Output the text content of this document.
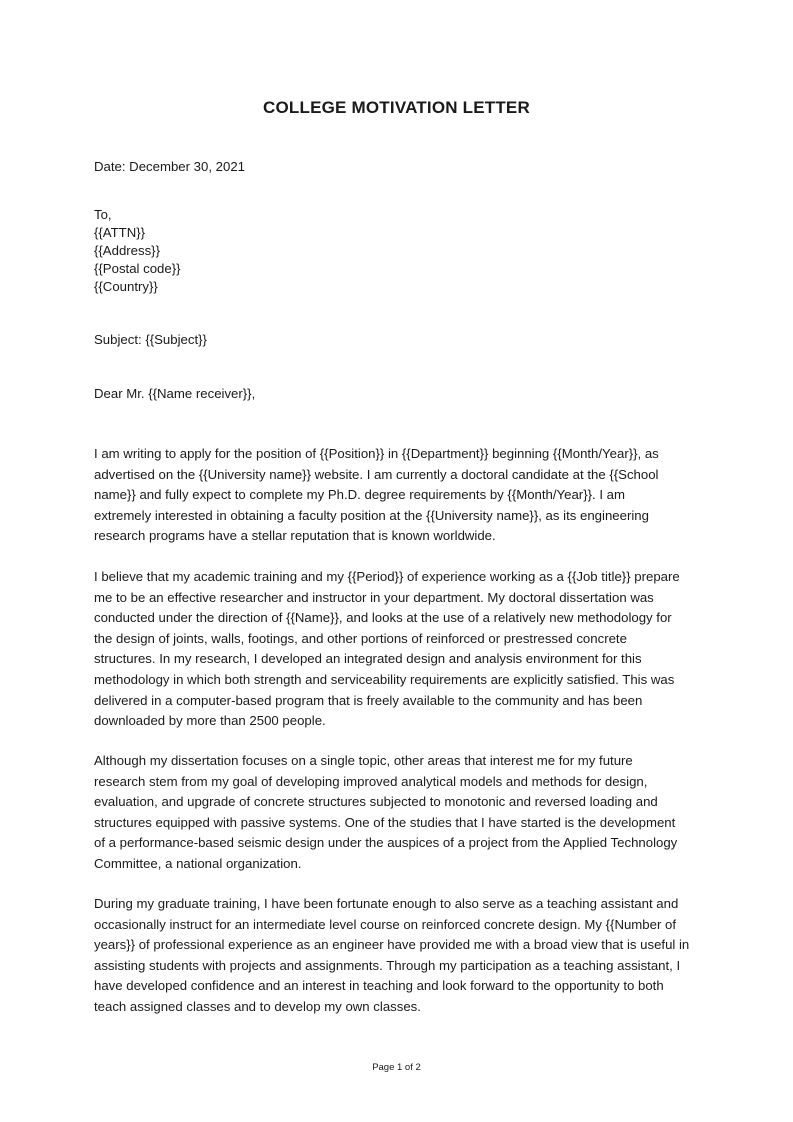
COLLEGE MOTIVATION LETTER
Date: December 30, 2021
To,
{{ATTN}}
{{Address}}
{{Postal code}}
{{Country}}
Subject: {{Subject}}
Dear Mr. {{Name receiver}},
I am writing to apply for the position of {{Position}} in {{Department}} beginning {{Month/Year}}, as
advertised on the {{University name}} website. I am currently a doctoral candidate at the {{School
name}} and fully expect to complete my Ph.D. degree requirements by {{Month/Year}}. I am
extremely interested in obtaining a faculty position at the {{University name}}, as its engineering
research programs have a stellar reputation that is known worldwide.
I believe that my academic training and my {{Period}} of experience working as a {{Job title}} prepare
me to be an effective researcher and instructor in your department. My doctoral dissertation was
conducted under the direction of {{Name}}, and looks at the use of a relatively new methodology for
the design of joints, walls, footings, and other portions of reinforced or prestressed concrete
structures. In my research, I developed an integrated design and analysis environment for this
methodology in which both strength and serviceability requirements are explicitly satisfied. This was
delivered in a computer-based program that is freely available to the community and has been
downloaded by more than 2500 people.
Although my dissertation focuses on a single topic, other areas that interest me for my future
research stem from my goal of developing improved analytical models and methods for design,
evaluation, and upgrade of concrete structures subjected to monotonic and reversed loading and
structures equipped with passive systems. One of the studies that I have started is the development
of a performance-based seismic design under the auspices of a project from the Applied Technology
Committee, a national organization.
During my graduate training, I have been fortunate enough to also serve as a teaching assistant and
occasionally instruct for an intermediate level course on reinforced concrete design. My {{Number of
years}} of professional experience as an engineer have provided me with a broad view that is useful in
assisting students with projects and assignments. Through my participation as a teaching assistant, I
have developed confidence and an interest in teaching and look forward to the opportunity to both
teach assigned classes and to develop my own classes.
Page 1 of 2
